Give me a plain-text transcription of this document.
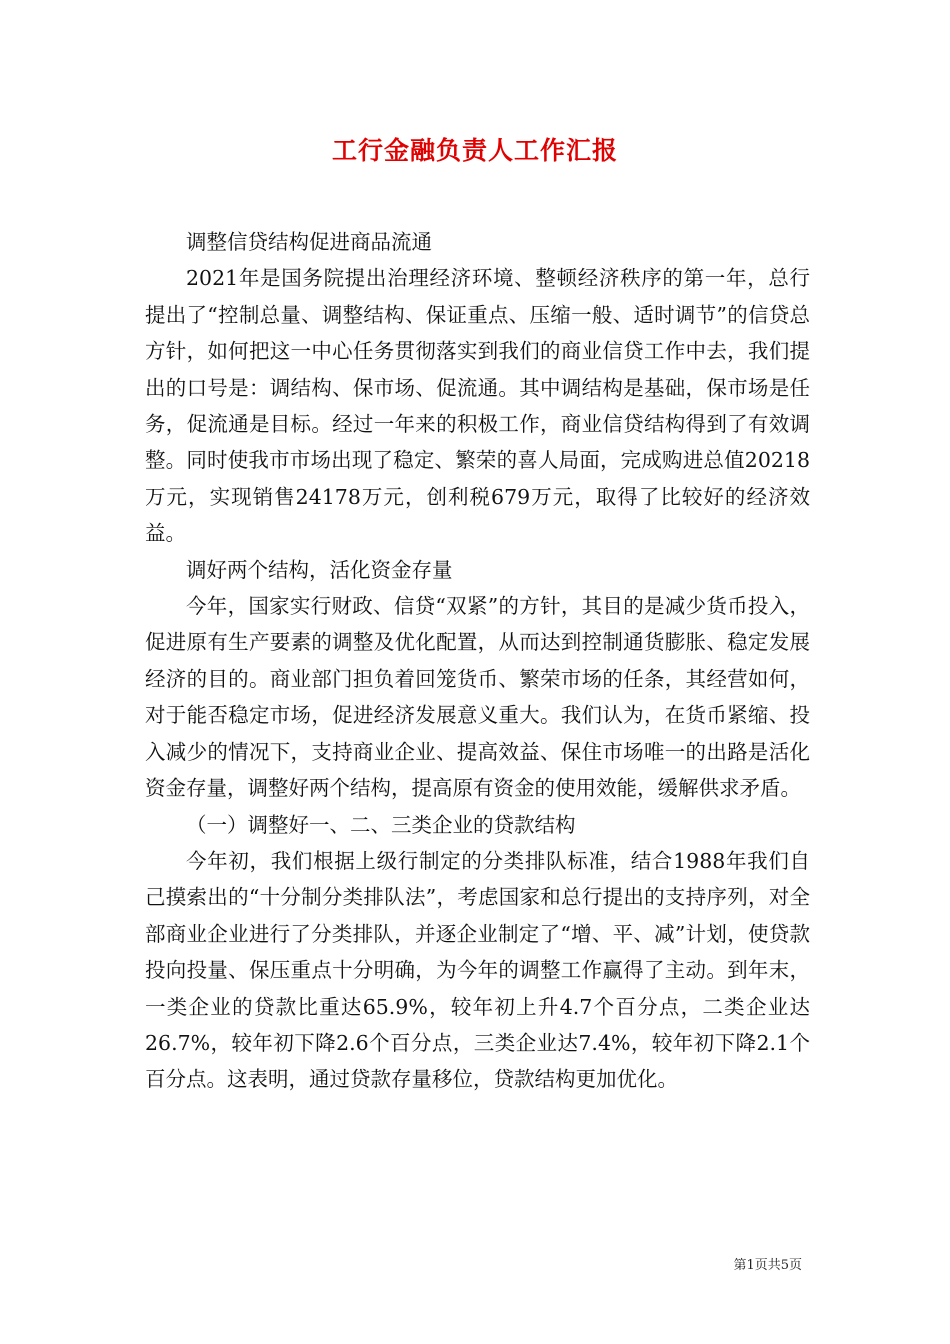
工行金融负责人工作汇报

调整信贷结构促进商品流通

2021年是国务院提出治理经济环境、整顿经济秩序的第一年，总行提出了“控制总量、调整结构、保证重点、压缩一般、适时调节”的信贷总方针，如何把这一中心任务贯彻落实到我们的商业信贷工作中去，我们提出的口号是：调结构、保市场、促流通。其中调结构是基础，保市场是任务，促流通是目标。经过一年来的积极工作，商业信贷结构得到了有效调整。同时使我市市场出现了稳定、繁荣的喜人局面，完成购进总值20218万元，实现销售24178万元，创利税679万元，取得了比较好的经济效益。

调好两个结构，活化资金存量

今年，国家实行财政、信贷“双紧”的方针，其目的是减少货币投入，促进原有生产要素的调整及优化配置，从而达到控制通货膨胀、稳定发展经济的目的。商业部门担负着回笼货币、繁荣市场的任条，其经营如何，对于能否稳定市场，促进经济发展意义重大。我们认为，在货币紧缩、投入减少的情况下，支持商业企业、提高效益、保住市场唯一的出路是活化资金存量，调整好两个结构，提高原有资金的使用效能，缓解供求矛盾。

（一）调整好一、二、三类企业的贷款结构

今年初，我们根据上级行制定的分类排队标准，结合1988年我们自己摸索出的“十分制分类排队法”，考虑国家和总行提出的支持序列，对全部商业企业进行了分类排队，并逐企业制定了“增、平、减”计划，使贷款投向投量、保压重点十分明确，为今年的调整工作赢得了主动。到年末，一类企业的贷款比重达65.9%，较年初上升4.7个百分点，二类企业达26.7%，较年初下降2.6个百分点，三类企业达7.4%，较年初下降2.1个百分点。这表明，通过贷款存量移位，贷款结构更加优化。

第1页共5页
